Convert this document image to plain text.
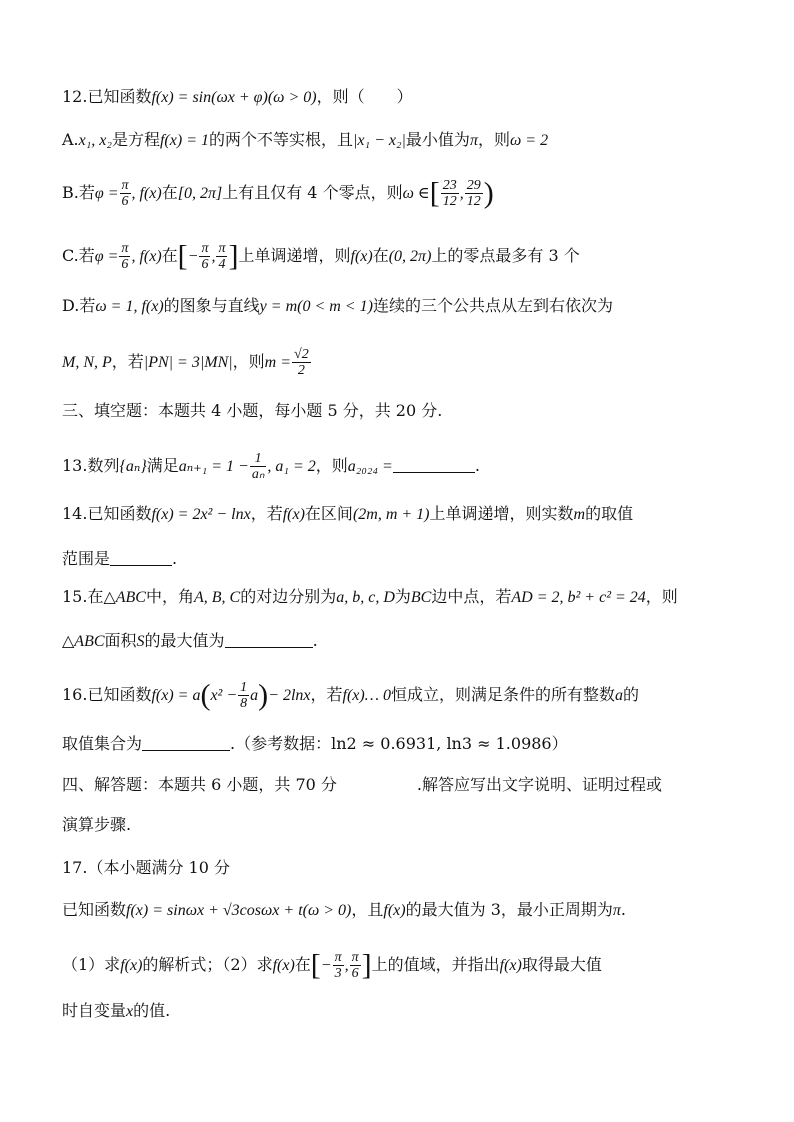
12.已知函数f(x) = sin(ωx + φ)(ω > 0)，则（　　）
A.x₁, x₂是方程f(x) = 1的两个不等实根，且|x₁ − x₂|最小值为π，则ω = 2
B.若$\varphi = \frac{\pi}{6}$ , f(x)在[0, 2π]上有且仅有 4 个零点，则ω ∈[ $\frac{23}{12}$ , $\frac{29}{12}$ )
C.若$\varphi = \frac{\pi}{6}$ , f(x)在[− $\frac{\pi}{6}$ , $\frac{\pi}{4}$ ]上单调递增，则f(x)在(0, 2π)上的零点最多有 3 个
D.若ω = 1, f(x)的图象与直线y = m(0 < m < 1)连续的三个公共点从左到右依次为
M, N, P，若|PN| = 3|MN|，则$m = \frac{√2}{2}$
三、填空题：本题共 4 小题，每小题 5 分，共 20 分.
13.数列{aₙ}满足$a_{n+1} = 1 - \frac{1}{\text{aₙ}}$ , a₁ = 2，则a₂₀₂₄ =	.
14.已知函数f(x) = 2x² − lnx，若f(x)在区间(2m, m + 1)上单调递增，则实数m的取值
范围是	.
15.在△ABC中，角A, B, C的对边分别为a, b, c, D为BC边中点，若AD = 2, b² + c² = 24，则
△ABC面积S的最大值为	.
16.已知函数$f(x) = a(x^2 - \frac{1}{8} a)- 2\ln x$，若f(x)… 0恒成立，则满足条件的所有整数a的
取值集合为	.（参考数据：ln2 ≈ 0.6931, ln3 ≈ 1.0986）
四、解答题：本题共 6 小题，共 70 分	.解答应写出文字说明、证明过程或
演算步骤.
17.（本小题满分 10 分
已知函数f(x) = sinωx + √3cosωx + t(ω > 0)，且f(x)的最大值为 3，最小正周期为π.
（1）求f(x)的解析式；（2）求f(x)在[− $\frac{\pi}{3}$ , $\frac{\pi}{6}$ ]上的值域，并指出f(x)取得最大值
时自变量x的值.
